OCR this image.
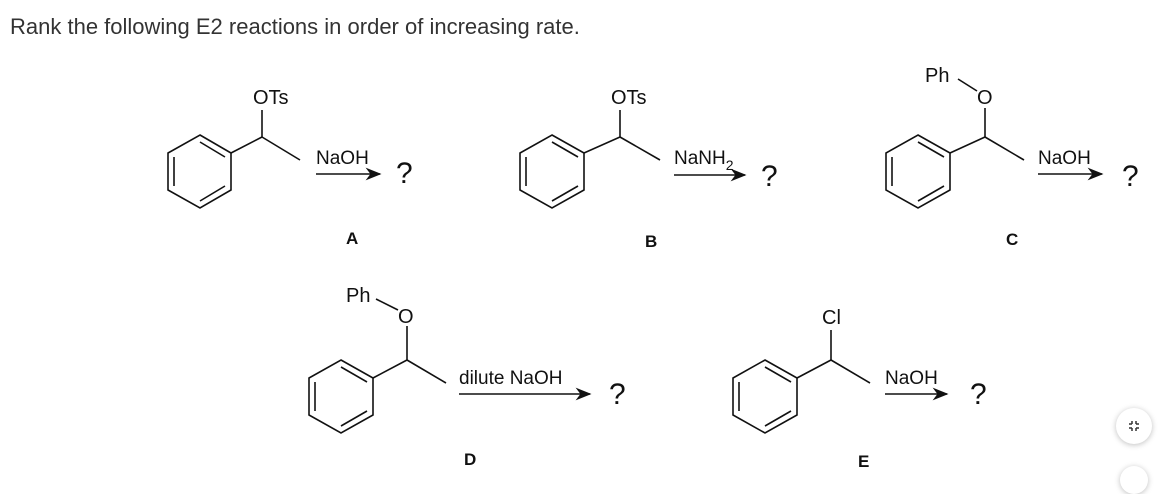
Rank the following E2 reactions in order of increasing rate.
OTs
NaOH ?
A
OTs
NaNH$_2$ ?
B
Ph
O
NaOH
?
C
Ph
O
dilute NaOH ?
D
Cl
NaOH ?
E
